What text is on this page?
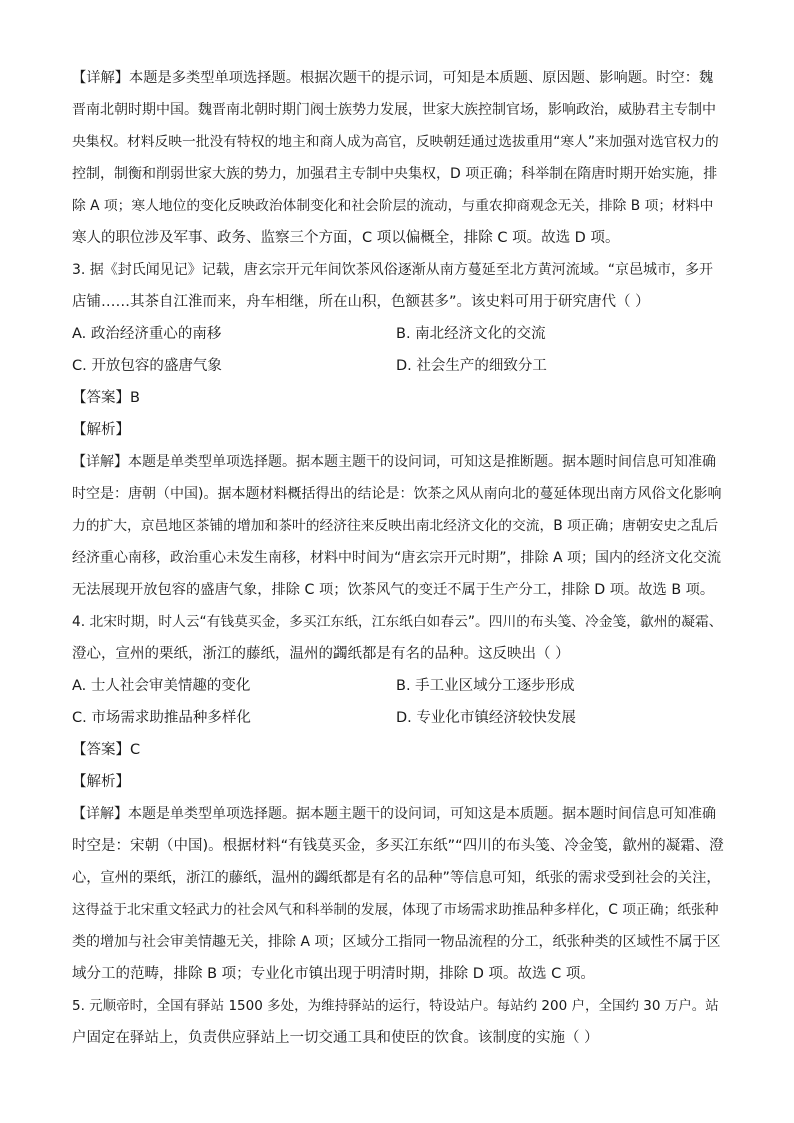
【详解】本题是多类型单项选择题。根据次题干的提示词，可知是本质题、原因题、影响题。时空：魏
晋南北朝时期中国。魏晋南北朝时期门阀士族势力发展，世家大族控制官场，影响政治，威胁君主专制中
央集权。材料反映一批没有特权的地主和商人成为高官，反映朝廷通过选拔重用“寒人”来加强对选官权力的
控制，制衡和削弱世家大族的势力，加强君主专制中央集权，D 项正确；科举制在隋唐时期开始实施，排
除 A 项；寒人地位的变化反映政治体制变化和社会阶层的流动，与重农抑商观念无关，排除 B 项；材料中
寒人的职位涉及军事、政务、监察三个方面，C 项以偏概全，排除 C 项。故选 D 项。
3. 据《封氏闻见记》记载，唐玄宗开元年间饮茶风俗逐渐从南方蔓延至北方黄河流域。“京邑城市，多开
店铺……其茶自江淮而来，舟车相继，所在山积，色额甚多”。该史料可用于研究唐代（ ）
A. 政治经济重心的南移	B. 南北经济文化的交流
C. 开放包容的盛唐气象	D. 社会生产的细致分工
【答案】B
【解析】
【详解】本题是单类型单项选择题。据本题主题干的设问词，可知这是推断题。据本题时间信息可知准确
时空是：唐朝（中国)。据本题材料概括得出的结论是：饮茶之风从南向北的蔓延体现出南方风俗文化影响
力的扩大，京邑地区茶铺的增加和茶叶的经济往来反映出南北经济文化的交流，B 项正确；唐朝安史之乱后
经济重心南移，政治重心未发生南移，材料中时间为“唐玄宗开元时期”，排除 A 项；国内的经济文化交流
无法展现开放包容的盛唐气象，排除 C 项；饮茶风气的变迁不属于生产分工，排除 D 项。故选 B 项。
4. 北宋时期，时人云“有钱莫买金，多买江东纸，江东纸白如春云”。四川的布头笺、冷金笺，歙州的凝霜、
澄心，宣州的栗纸，浙江的藤纸，温州的蠲纸都是有名的品种。这反映出（ ）
A. 士人社会审美情趣的变化	B. 手工业区域分工逐步形成
C. 市场需求助推品种多样化	D. 专业化市镇经济较快发展
【答案】C
【解析】
【详解】本题是单类型单项选择题。据本题主题干的设问词，可知这是本质题。据本题时间信息可知准确
时空是：宋朝（中国)。根据材料“有钱莫买金，多买江东纸”“四川的布头笺、冷金笺，歙州的凝霜、澄
心，宣州的栗纸，浙江的藤纸，温州的蠲纸都是有名的品种”等信息可知，纸张的需求受到社会的关注，
这得益于北宋重文轻武力的社会风气和科举制的发展，体现了市场需求助推品种多样化，C 项正确；纸张种
类的增加与社会审美情趣无关，排除 A 项；区域分工指同一物品流程的分工，纸张种类的区域性不属于区
域分工的范畴，排除 B 项；专业化市镇出现于明清时期，排除 D 项。故选 C 项。
5. 元顺帝时，全国有驿站 1500 多处，为维持驿站的运行，特设站户。每站约 200 户，全国约 30 万户。站
户固定在驿站上，负责供应驿站上一切交通工具和使臣的饮食。该制度的实施（ ）
